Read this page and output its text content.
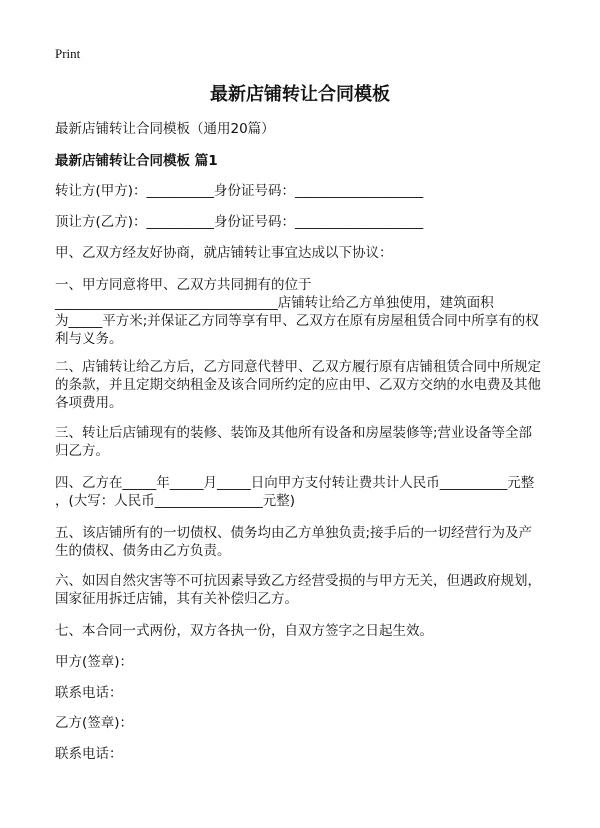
Print
最新店铺转让合同模板
最新店铺转让合同模板（通用20篇）
最新店铺转让合同模板 篇1
转让方(甲方)：__________身份证号码：___________________
顶让方(乙方)：__________身份证号码：___________________
甲、乙双方经友好协商，就店铺转让事宜达成以下协议：
一、甲方同意将甲、乙双方共同拥有的位于
_________________________________店铺转让给乙方单独使用，建筑面积
为_____平方米;并保证乙方同等享有甲、乙双方在原有房屋租赁合同中所享有的权
利与义务。
二、店铺转让给乙方后，乙方同意代替甲、乙双方履行原有店铺租赁合同中所规定
的条款，并且定期交纳租金及该合同所约定的应由甲、乙双方交纳的水电费及其他
各项费用。
三、转让后店铺现有的装修、装饰及其他所有设备和房屋装修等;营业设备等全部
归乙方。
四、乙方在_____年_____月_____日向甲方支付转让费共计人民币__________元整
，(大写：人民币________________元整)
五、该店铺所有的一切债权、债务均由乙方单独负责;接手后的一切经营行为及产
生的债权、债务由乙方负责。
六、如因自然灾害等不可抗因素导致乙方经营受损的与甲方无关，但遇政府规划，
国家征用拆迁店铺，其有关补偿归乙方。
七、本合同一式两份，双方各执一份，自双方签字之日起生效。
甲方(签章)：
联系电话：
乙方(签章)：
联系电话：
